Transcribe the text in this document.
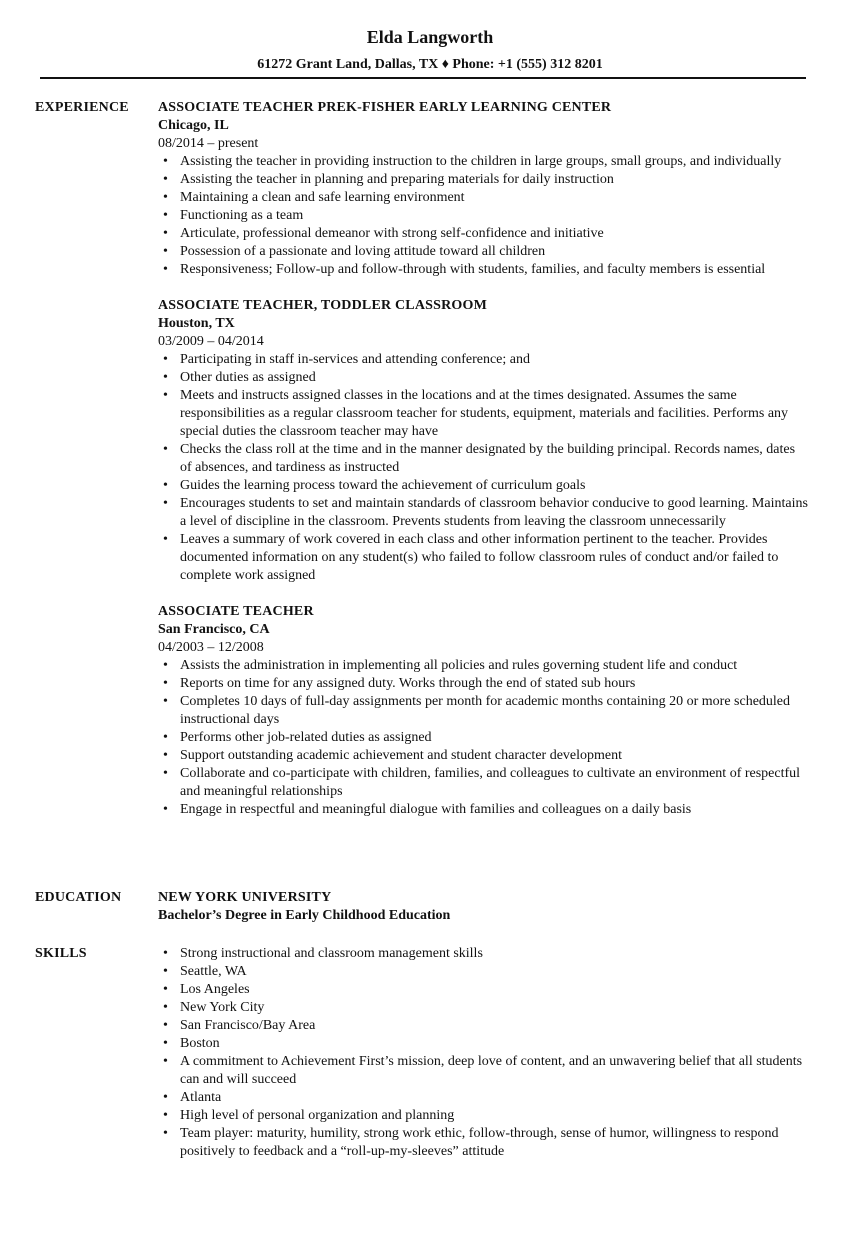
Elda Langworth
61272 Grant Land, Dallas, TX ♦ Phone: +1 (555) 312 8201
EXPERIENCE ASSOCIATE TEACHER PREK-FISHER EARLY LEARNING CENTER
Chicago, IL
08/2014 – present
• Assisting the teacher in providing instruction to the children in large groups, small groups, and individually
• Assisting the teacher in planning and preparing materials for daily instruction
• Maintaining a clean and safe learning environment
• Functioning as a team
• Articulate, professional demeanor with strong self-confidence and initiative
• Possession of a passionate and loving attitude toward all children
• Responsiveness; Follow-up and follow-through with students, families, and faculty members is essential
ASSOCIATE TEACHER, TODDLER CLASSROOM
Houston, TX
03/2009 – 04/2014
• Participating in staff in-services and attending conference; and
• Other duties as assigned
• Meets and instructs assigned classes in the locations and at the times designated. Assumes the same responsibilities as a regular classroom teacher for students, equipment, materials and facilities. Performs any special duties the classroom teacher may have
• Checks the class roll at the time and in the manner designated by the building principal. Records names, dates of absences, and tardiness as instructed
• Guides the learning process toward the achievement of curriculum goals
• Encourages students to set and maintain standards of classroom behavior conducive to good learning. Maintains a level of discipline in the classroom. Prevents students from leaving the classroom unnecessarily
• Leaves a summary of work covered in each class and other information pertinent to the teacher. Provides documented information on any student(s) who failed to follow classroom rules of conduct and/or failed to complete work assigned
ASSOCIATE TEACHER
San Francisco, CA
04/2003 – 12/2008
• Assists the administration in implementing all policies and rules governing student life and conduct
• Reports on time for any assigned duty. Works through the end of stated sub hours
• Completes 10 days of full-day assignments per month for academic months containing 20 or more scheduled instructional days
• Performs other job-related duties as assigned
• Support outstanding academic achievement and student character development
• Collaborate and co-participate with children, families, and colleagues to cultivate an environment of respectful and meaningful relationships
• Engage in respectful and meaningful dialogue with families and colleagues on a daily basis
EDUCATION	NEW YORK UNIVERSITY
Bachelor’s Degree in Early Childhood Education
SKILLS
•	Strong instructional and classroom management skills
• Seattle, WA
• Los Angeles
• New York City
• San Francisco/Bay Area
• Boston
• A commitment to Achievement First’s mission, deep love of content, and an unwavering belief that all students can and will succeed
• Atlanta
• High level of personal organization and planning
• Team player: maturity, humility, strong work ethic, follow-through, sense of humor, willingness to respond positively to feedback and a “roll-up-my-sleeves” attitude
